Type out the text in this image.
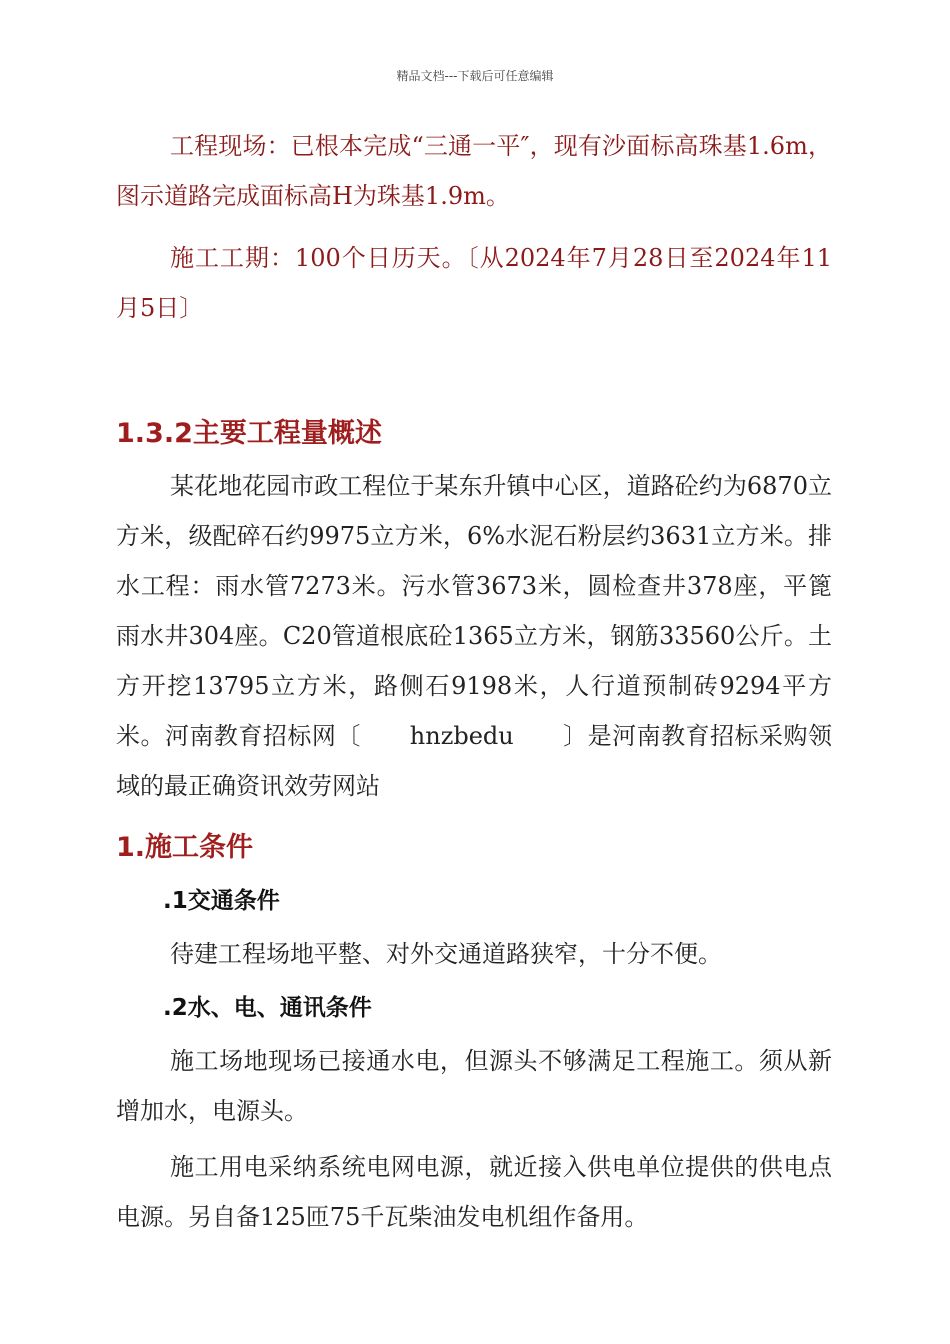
精品文档---下载后可任意编辑

工程现场：已根本完成“三通一平″，现有沙面标高珠基1.6m，图示道路完成面标高H为珠基1.9m。

施工工期：100个日历天。〔从2024年7月28日至2024年11月5日〕

1.3.2主要工程量概述

某花地花园市政工程位于某东升镇中心区，道路砼约为6870立方米，级配碎石约9975立方米，6%水泥石粉层约3631立方米。排水工程：雨水管7273米。污水管3673米，圆检查井378座，平篦雨水井304座。C20管道根底砼1365立方米，钢筋33560公斤。土方开挖13795立方米，路侧石9198米，人行道预制砖9294平方米。河南教育招标网〔　　hnzbedu　　〕是河南教育招标采购领域的最正确资讯效劳网站

1.施工条件
.1交通条件

待建工程场地平整、对外交通道路狭窄，十分不便。

.2水、电、通讯条件

施工场地现场已接通水电，但源头不够满足工程施工。须从新增加水，电源头。

施工用电采纳系统电网电源，就近接入供电单位提供的供电点电源。另自备125匝75千瓦柴油发电机组作备用。
